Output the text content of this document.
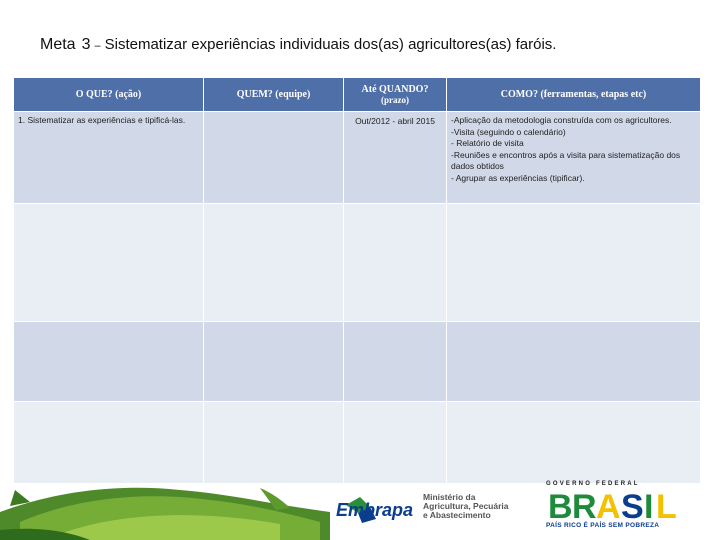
Meta 3 – Sistematizar experiências individuais dos(as) agricultores(as) faróis.
O QUE? (ação)	QUEM? (equipe)	Até QUANDO?
(prazo)	COMO? (ferramentas, etapas etc)

1. Sistematizar as experiências e tipificá-las.		Out/2012 - abril 2015	-Aplicação da metodologia construída com os agricultores.
-Visita (seguindo o calendário)
- Relatório de visita
-Reuniões e encontros após a visita para sistematização dos dados obtidos
- Agrupar as experiências (tipificar).

Embrapa
Ministério da
Agricultura, Pecuária
e Abastecimento
GOVERNO FEDERAL
B
R A S I L
PAÍS RICO É PAÍS SEM POBREZA
